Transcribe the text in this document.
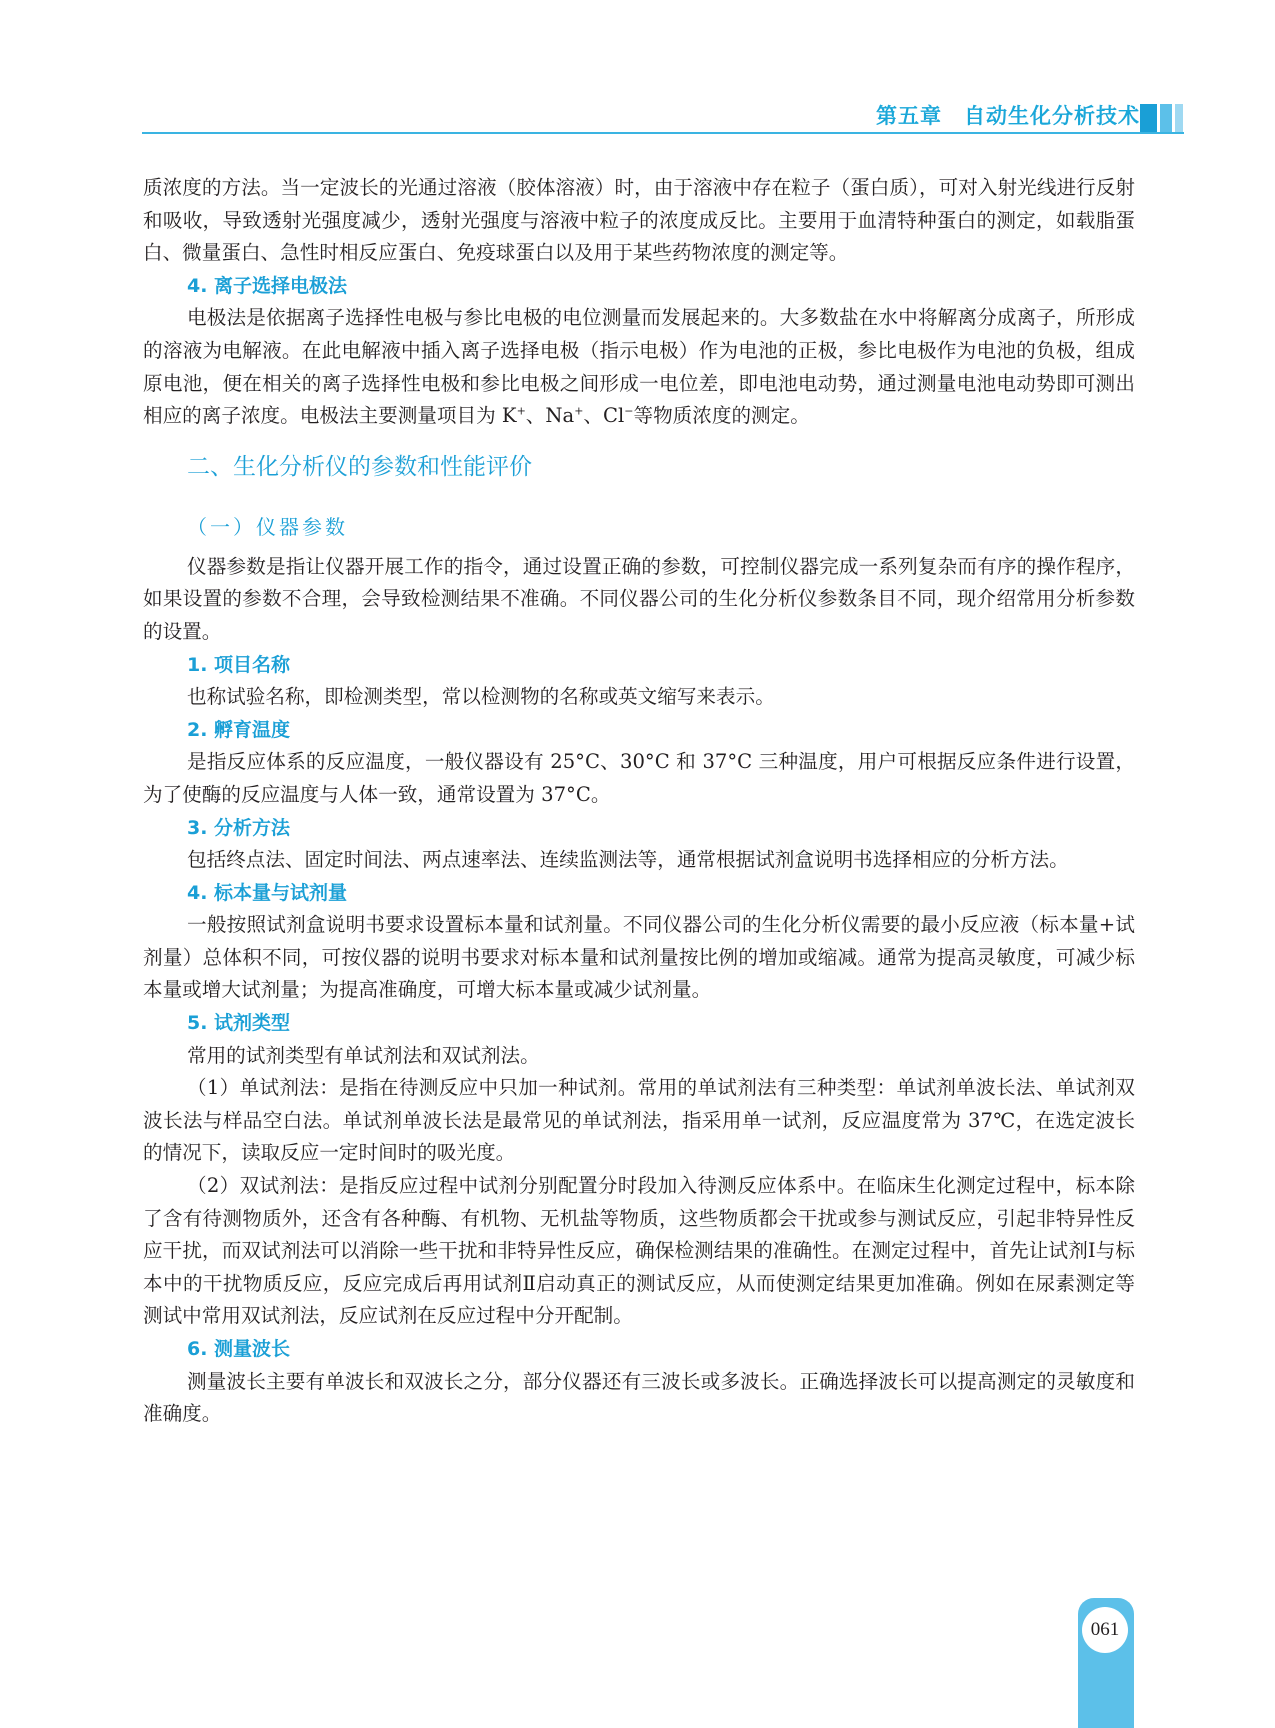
第五章 自动生化分析技术

质浓度的方法。当一定波长的光通过溶液（胶体溶液）时，由于溶液中存在粒子（蛋白质），可对入射光线进行反射和吸收，导致透射光强度减少，透射光强度与溶液中粒子的浓度成反比。主要用于血清特种蛋白的测定，如载脂蛋白、微量蛋白、急性时相反应蛋白、免疫球蛋白以及用于某些药物浓度的测定等。

4. 离子选择电极法

电极法是依据离子选择性电极与参比电极的电位测量而发展起来的。大多数盐在水中将解离分成离子，所形成的溶液为电解液。在此电解液中插入离子选择电极（指示电极）作为电池的正极，参比电极作为电池的负极，组成原电池，便在相关的离子选择性电极和参比电极之间形成一电位差，即电池电动势，通过测量电池电动势即可测出相应的离子浓度。电极法主要测量项目为 K+、Na+、Cl−等物质浓度的测定。

二、生化分析仪的参数和性能评价
（一）仪器参数

仪器参数是指让仪器开展工作的指令，通过设置正确的参数，可控制仪器完成一系列复杂而有序的操作程序，如果设置的参数不合理，会导致检测结果不准确。不同仪器公司的生化分析仪参数条目不同，现介绍常用分析参数的设置。

1. 项目名称

也称试验名称，即检测类型，常以检测物的名称或英文缩写来表示。

2. 孵育温度

是指反应体系的反应温度，一般仪器设有 25°C、30°C 和 37°C 三种温度，用户可根据反应条件进行设置，为了使酶的反应温度与人体一致，通常设置为 37°C。

3. 分析方法

包括终点法、固定时间法、两点速率法、连续监测法等，通常根据试剂盒说明书选择相应的分析方法。

4. 标本量与试剂量

一般按照试剂盒说明书要求设置标本量和试剂量。不同仪器公司的生化分析仪需要的最小反应液（标本量+试剂量）总体积不同，可按仪器的说明书要求对标本量和试剂量按比例的增加或缩减。通常为提高灵敏度，可减少标本量或增大试剂量；为提高准确度，可增大标本量或减少试剂量。

5. 试剂类型

常用的试剂类型有单试剂法和双试剂法。

（1）单试剂法：是指在待测反应中只加一种试剂。常用的单试剂法有三种类型：单试剂单波长法、单试剂双波长法与样品空白法。单试剂单波长法是最常见的单试剂法，指采用单一试剂，反应温度常为 37℃，在选定波长的情况下，读取反应一定时间时的吸光度。

（2）双试剂法：是指反应过程中试剂分别配置分时段加入待测反应体系中。在临床生化测定过程中，标本除了含有待测物质外，还含有各种酶、有机物、无机盐等物质，这些物质都会干扰或参与测试反应，引起非特异性反应干扰，而双试剂法可以消除一些干扰和非特异性反应，确保检测结果的准确性。在测定过程中，首先让试剂Ⅰ与标本中的干扰物质反应，反应完成后再用试剂Ⅱ启动真正的测试反应，从而使测定结果更加准确。例如在尿素测定等测试中常用双试剂法，反应试剂在反应过程中分开配制。

6. 测量波长

测量波长主要有单波长和双波长之分，部分仪器还有三波长或多波长。正确选择波长可以提高测定的灵敏度和准确度。

061
